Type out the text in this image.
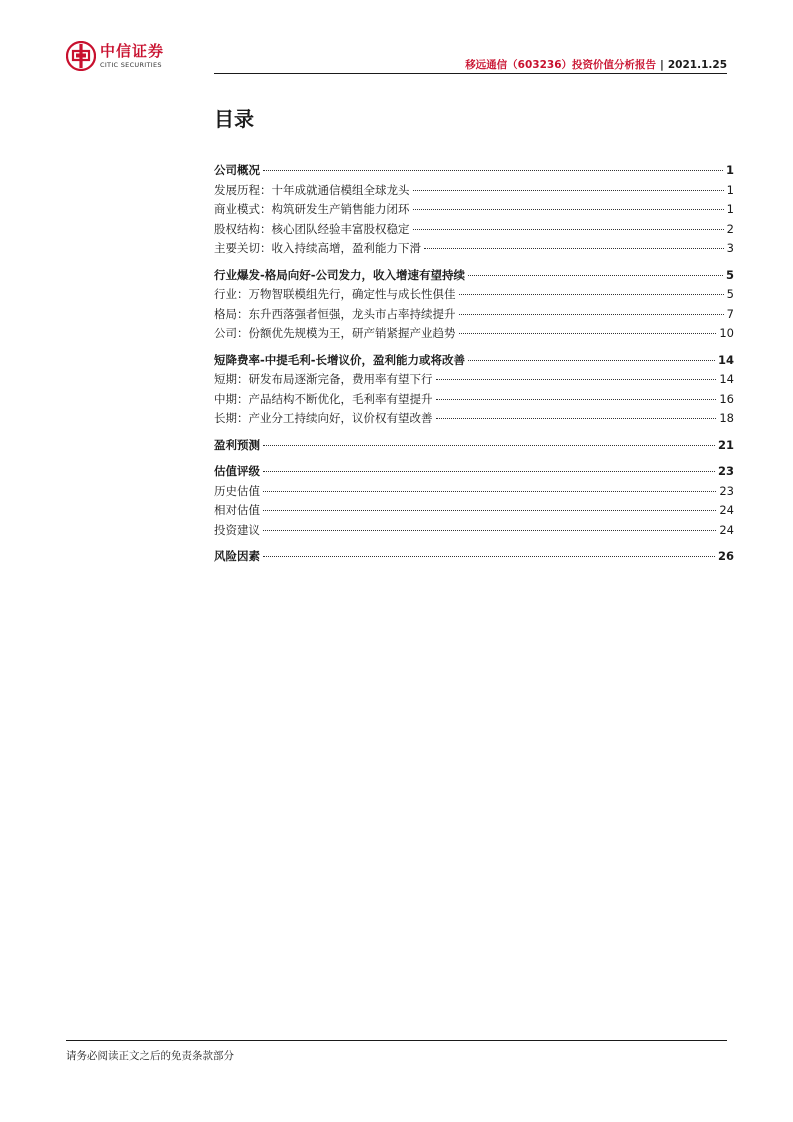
中信证券
CITIC SECURITIES	移远通信（603236）投资价值分析报告 | 2021.1.25
目录
公司概况	1
发展历程：十年成就通信模组全球龙头	1
商业模式：构筑研发生产销售能力闭环	1
股权结构：核心团队经验丰富股权稳定	2
主要关切：收入持续高增，盈利能力下滑	3
行业爆发-格局向好-公司发力，收入增速有望持续	5
行业：万物智联模组先行，确定性与成长性俱佳	5
格局：东升西落强者恒强，龙头市占率持续提升	7
公司：份额优先规模为王，研产销紧握产业趋势	10
短降费率-中提毛利-长增议价，盈利能力或将改善	14
短期：研发布局逐渐完备，费用率有望下行	14
中期：产品结构不断优化，毛利率有望提升	16
长期：产业分工持续向好，议价权有望改善	18
盈利预测	21
估值评级	23
历史估值	23
相对估值	24
投资建议	24
风险因素	26
请务必阅读正文之后的免责条款部分
